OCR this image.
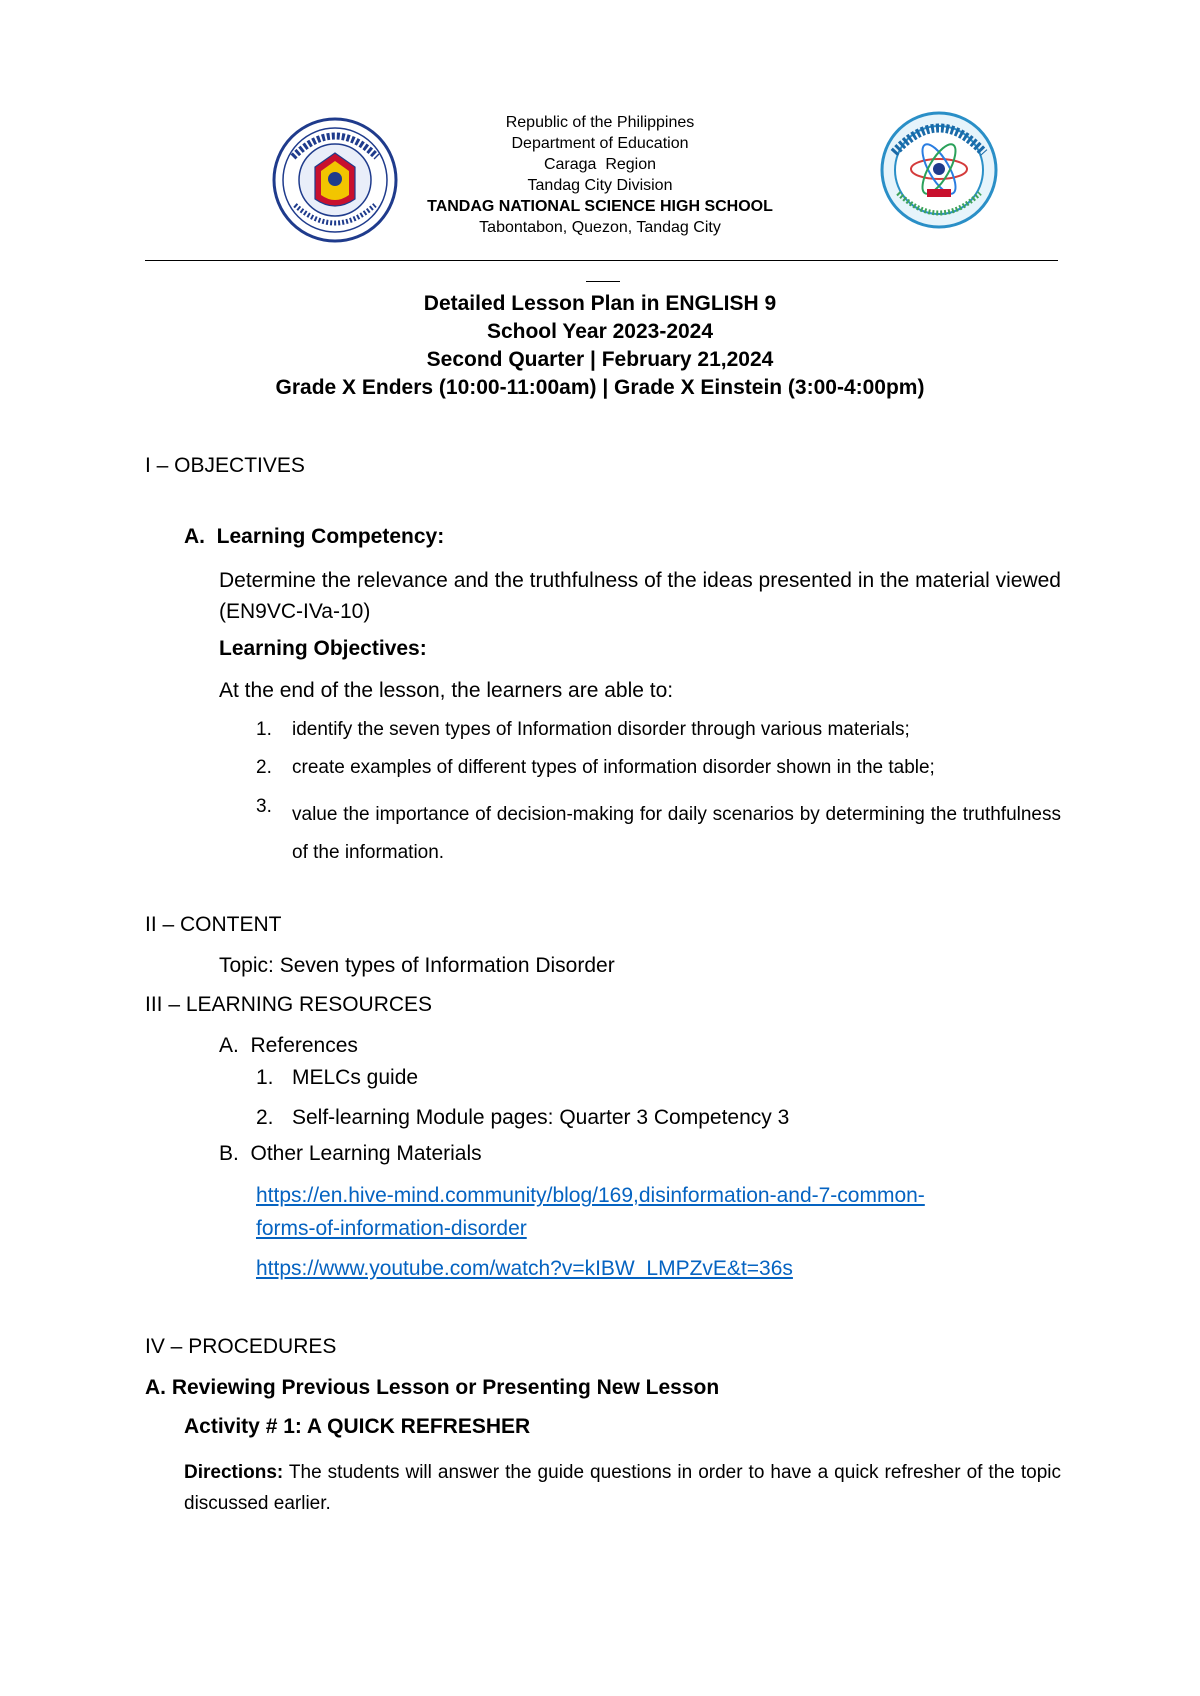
Republic of the Philippines
Department of Education
Caraga  Region
Tandag City Division
TANDAG NATIONAL SCIENCE HIGH SCHOOL
Tabontabon, Quezon, Tandag City
Detailed Lesson Plan in ENGLISH 9
School Year 2023-2024
Second Quarter | February 21,2024
Grade X Enders (10:00-11:00am) | Grade X Einstein (3:00-4:00pm)
I – OBJECTIVES
A.  Learning Competency:
Determine the relevance and the truthfulness of the ideas presented in the material viewed (EN9VC-IVa-10)
Learning Objectives:
At the end of the lesson, the learners are able to:
1. identify the seven types of Information disorder through various materials;
2. create examples of different types of information disorder shown in the table;
3. value the importance of decision-making for daily scenarios by determining the truthfulness of the information.
II – CONTENT
Topic: Seven types of Information Disorder
III – LEARNING RESOURCES
A.  References
1. MELCs guide
2. Self-learning Module pages: Quarter 3 Competency 3
B.  Other Learning Materials
https://en.hive-mind.community/blog/169,disinformation-and-7-common-
forms-of-information-disorder
https://www.youtube.com/watch?v=kIBW_LMPZvE&t=36s
IV – PROCEDURES
A. Reviewing Previous Lesson or Presenting New Lesson
Activity # 1: A QUICK REFRESHER
Directions: The students will answer the guide questions in order to have a quick refresher of the topic discussed earlier.
